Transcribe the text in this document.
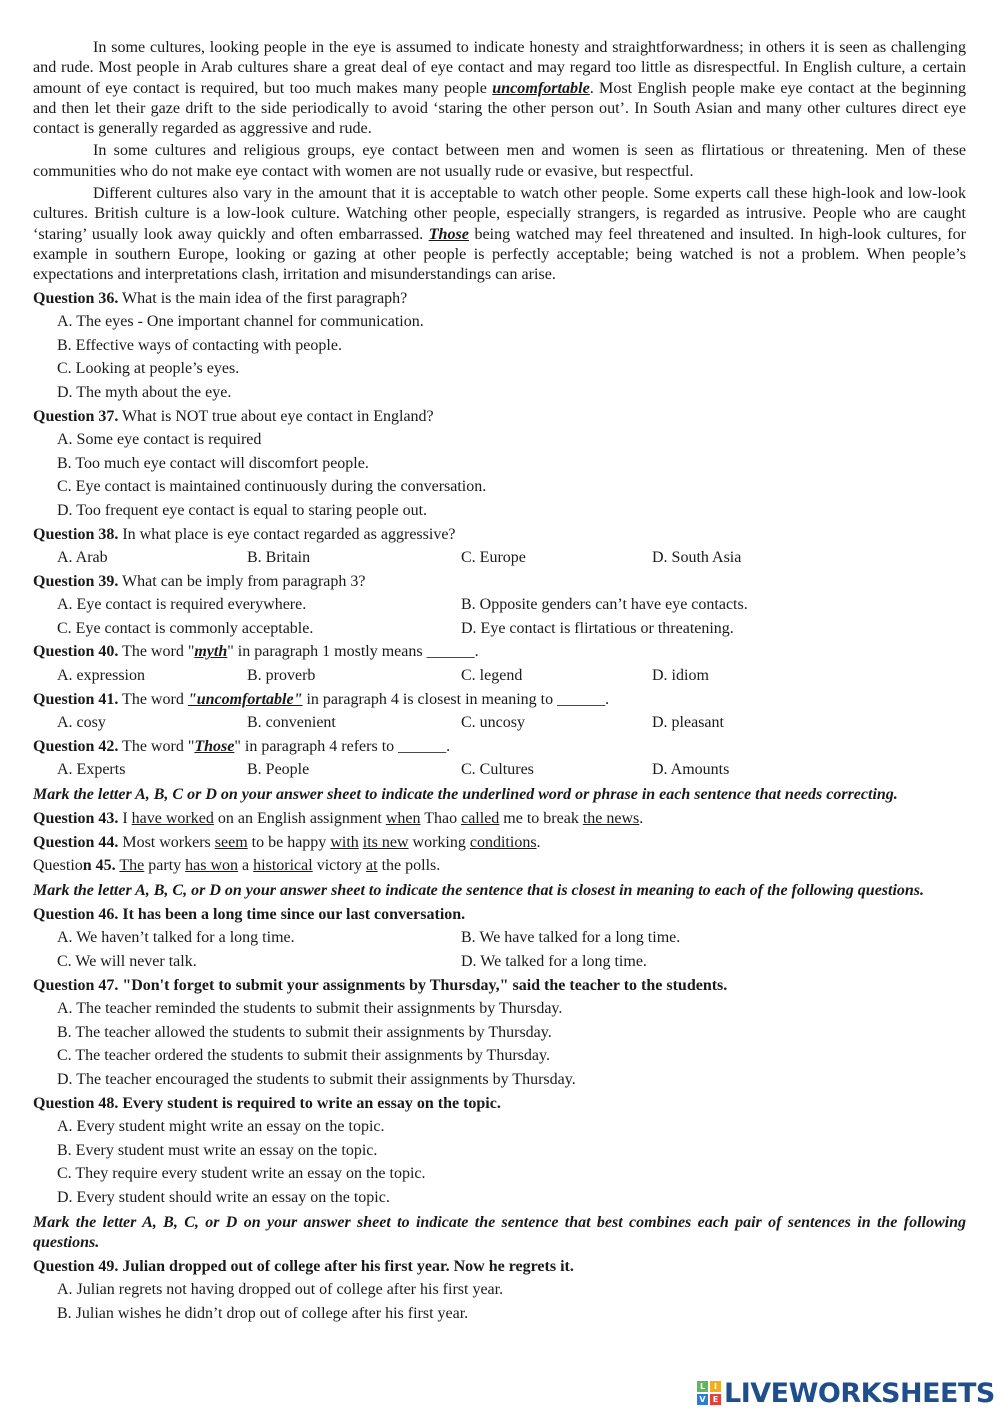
In some cultures, looking people in the eye is assumed to indicate honesty and straightforwardness; in others it is seen as challenging and rude. Most people in Arab cultures share a great deal of eye contact and may regard too little as disrespectful. In English culture, a certain amount of eye contact is required, but too much makes many people uncomfortable. Most English people make eye contact at the beginning and then let their gaze drift to the side periodically to avoid ‘staring the other person out’. In South Asian and many other cultures direct eye contact is generally regarded as aggressive and rude.

In some cultures and religious groups, eye contact between men and women is seen as flirtatious or threatening. Men of these communities who do not make eye contact with women are not usually rude or evasive, but respectful.

Different cultures also vary in the amount that it is acceptable to watch other people. Some experts call these high-look and low-look cultures. British culture is a low-look culture. Watching other people, especially strangers, is regarded as intrusive. People who are caught ‘staring’ usually look away quickly and often embarrassed. Those being watched may feel threatened and insulted. In high-look cultures, for example in southern Europe, looking or gazing at other people is perfectly acceptable; being watched is not a problem. When people’s expectations and interpretations clash, irritation and misunderstandings can arise.

Question 36. What is the main idea of the first paragraph?
A. The eyes - One important channel for communication.
B. Effective ways of contacting with people.
C. Looking at people’s eyes.
D. The myth about the eye.
Question 37. What is NOT true about eye contact in England?
A. Some eye contact is required
B. Too much eye contact will discomfort people.
C. Eye contact is maintained continuously during the conversation.
D. Too frequent eye contact is equal to staring people out.
Question 38. In what place is eye contact regarded as aggressive?
A. Arab	B. Britain	C. Europe	D. South Asia
Question 39. What can be imply from paragraph 3?
A. Eye contact is required everywhere.	B. Opposite genders can’t have eye contacts.
C. Eye contact is commonly acceptable.	D. Eye contact is flirtatious or threatening.
Question 40. The word "myth" in paragraph 1 mostly means ______.
A. expression	B. proverb	C. legend	D. idiom
Question 41. The word "uncomfortable" in paragraph 4 is closest in meaning to ______.
A. cosy	B. convenient	C. uncosy	D. pleasant
Question 42. The word "Those" in paragraph 4 refers to ______.
A. Experts	B. People	C. Cultures	D. Amounts
Mark the letter A, B, C or D on your answer sheet to indicate the underlined word or phrase in each sentence that needs correcting.
Question 43. I have worked on an English assignment when Thao called me to break the news.
Question 44. Most workers seem to be happy with its new working conditions.
Question 45. The party has won a historical victory at the polls.
Mark the letter A, B, C, or D on your answer sheet to indicate the sentence that is closest in meaning to each of the following questions.
Question 46. It has been a long time since our last conversation.
A. We haven’t talked for a long time.	B. We have talked for a long time.
C. We will never talk.	D. We talked for a long time.
Question 47. "Don't forget to submit your assignments by Thursday," said the teacher to the students.
A. The teacher reminded the students to submit their assignments by Thursday.
B. The teacher allowed the students to submit their assignments by Thursday.
C. The teacher ordered the students to submit their assignments by Thursday.
D. The teacher encouraged the students to submit their assignments by Thursday.
Question 48. Every student is required to write an essay on the topic.
A. Every student might write an essay on the topic.
B. Every student must write an essay on the topic.
C. They require every student write an essay on the topic.
D. Every student should write an essay on the topic.
Mark the letter A, B, C, or D on your answer sheet to indicate the sentence that best combines each pair of sentences in the following questions.
Question 49. Julian dropped out of college after his first year. Now he regrets it.
A. Julian regrets not having dropped out of college after his first year.
B. Julian wishes he didn’t drop out of college after his first year.
L	I
V E LIVEWORKSHEETS
